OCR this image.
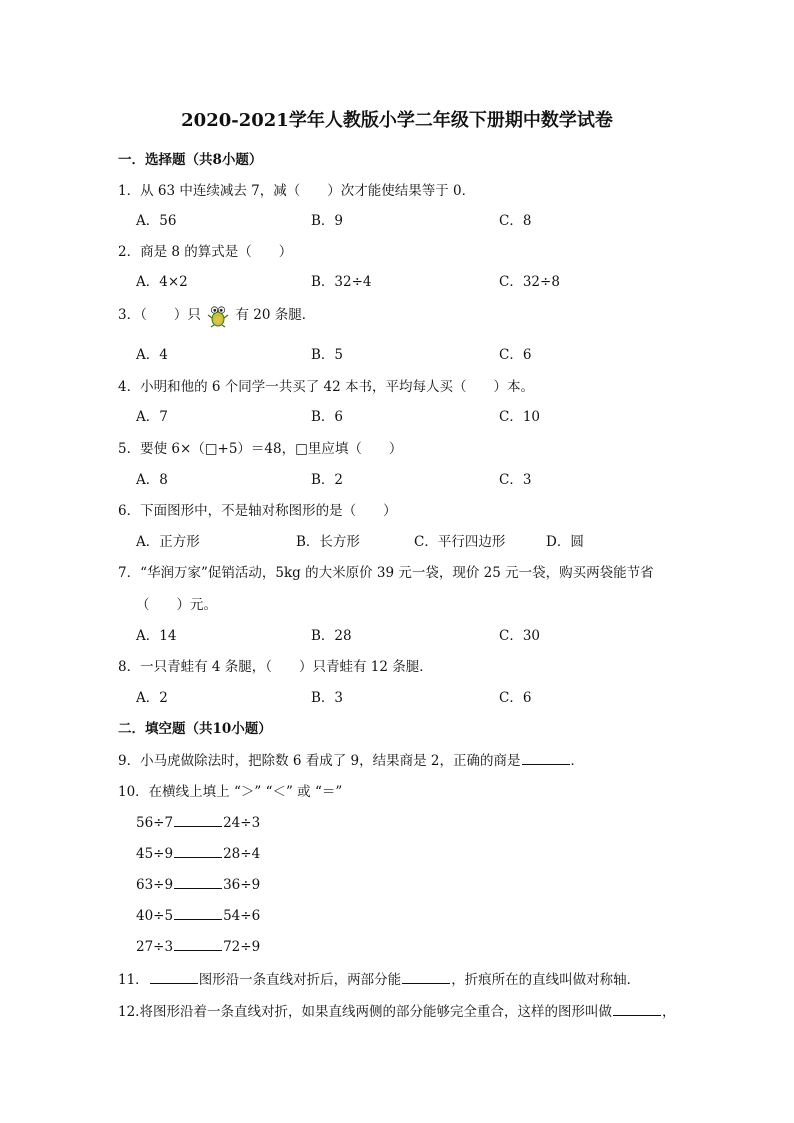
2020-2021学年人教版小学二年级下册期中数学试卷
一．选择题（共8小题）
1．从 63 中连续减去 7，减（　　）次才能使结果等于 0．
A．56	B．9	C．8
2．商是 8 的算式是（　　）
A．4×2	B．32÷4	C．32÷8
3．（　　）只	有 20 条腿．
A．4	B．5	C．6
4．小明和他的 6 个同学一共买了 42 本书，平均每人买（　　）本。
A．7	B．6	C．10
5．要使 6×（□+5）＝48，□里应填（　　）
A．8	B．2	C．3
6．下面图形中，不是轴对称图形的是（　　）
A．正方形	B．长方形	C．平行四边形	D．圆
7．“华润万家”促销活动，5kg 的大米原价 39 元一袋，现价 25 元一袋，购买两袋能节省
（　　）元。
A．14	B．28	C．30
8．一只青蛙有 4 条腿，（　　）只青蛙有 12 条腿．
A．2	B．3	C．6
二．填空题（共10小题）
9．小马虎做除法时，把除数 6 看成了 9，结果商是 2，正确的商是	．
10．在横线上填上 “＞” “＜” 或 “＝”
56÷7	24÷3
45÷9	28÷4
63÷9	36÷9
40÷5	54÷6
27÷3	72÷9
11．	图形沿一条直线对折后，两部分能	，折痕所在的直线叫做对称轴．
12.将图形沿着一条直线对折，如果直线两侧的部分能够完全重合，这样的图形叫做	，
